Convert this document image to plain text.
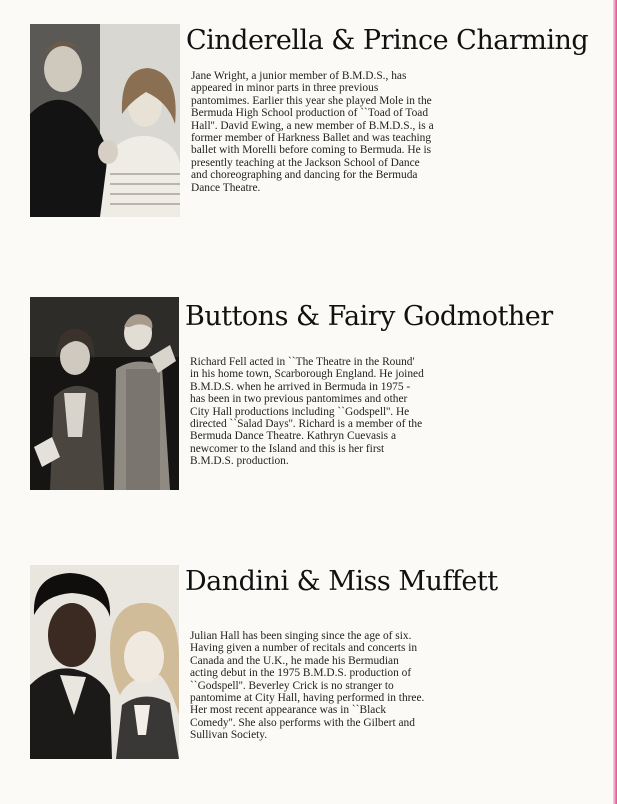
Cinderella & Prince Charming

Jane Wright, a junior member of B.M.D.S., has appeared in minor parts in three previous pantomimes. Earlier this year she played Mole in the Bermuda High School production of ``Toad of Toad Hall''. David Ewing, a new member of B.M.D.S., is a former member of Harkness Ballet and was teaching ballet with Morelli before coming to Bermuda. He is presently teaching at the Jackson School of Dance and choreographing and dancing for the Bermuda Dance Theatre.

Buttons & Fairy Godmother

Richard Fell acted in ``The Theatre in the Round' in his home town, Scarborough England. He joined B.M.D.S. when he arrived in Bermuda in 1975 - has been in two previous pantomimes and other City Hall productions including ``Godspell''. He directed ``Salad Days''. Richard is a member of the Bermuda Dance Theatre. Kathryn Cuevasis a newcomer to the Island and this is her first B.M.D.S. production.

Dandini & Miss Muffett

Julian Hall has been singing since the age of six. Having given a number of recitals and concerts in Canada and the U.K., he made his Bermudian acting debut in the 1975 B.M.D.S. production of ``Godspell''. Beverley Crick is no stranger to pantomime at City Hall, having performed in three. Her most recent appearance was in ``Black Comedy''. She also performs with the Gilbert and Sullivan Society.
